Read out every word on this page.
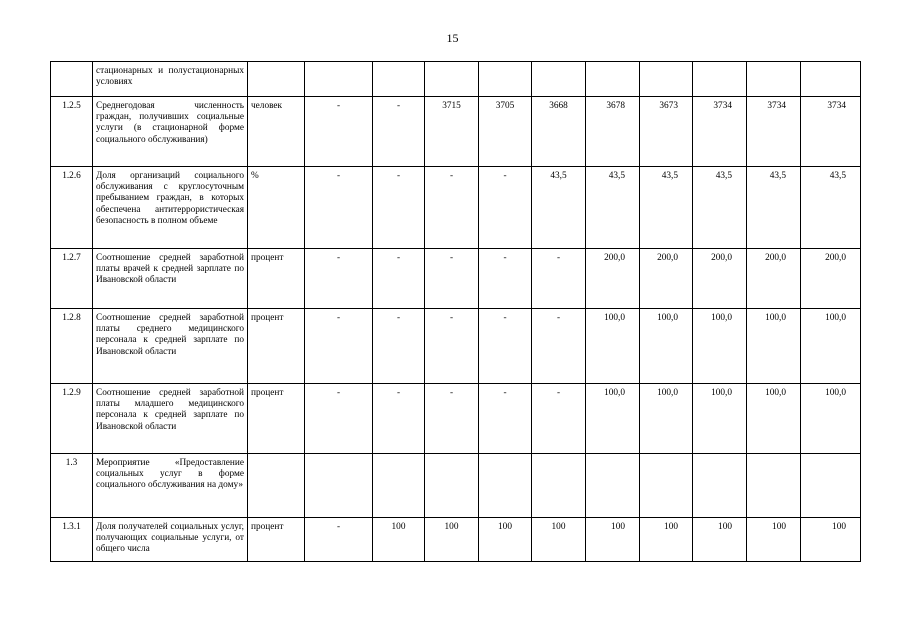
15
	стационарных и полустационарных условиях											
1.2.5	Среднегодовая численность граждан, получивших социальные услуги (в стационарной форме социального обслуживания)	человек	-	-	3715	3705	3668	3678	3673	3734	3734	3734
1.2.6	Доля организаций социального обслуживания с круглосуточным пребыванием граждан, в которых обеспечена антитеррористическая безопасность в полном объеме	%	-	-	-	-	43,5	43,5	43,5	43,5	43,5	43,5
1.2.7	Соотношение средней заработной платы врачей к средней зарплате по Ивановской области	процент	-	-	-	-	-	200,0	200,0	200,0	200,0	200,0
1.2.8	Соотношение средней заработной платы среднего медицинского персонала к средней зарплате по Ивановской области	процент	-	-	-	-	-	100,0	100,0	100,0	100,0	100,0
1.2.9	Соотношение средней заработной платы младшего медицинского персонала к средней зарплате по Ивановской области	процент	-	-	-	-	-	100,0	100,0	100,0	100,0	100,0
1.3	Мероприятие «Предоставление социальных услуг в форме социального обслуживания на дому»											
1.3.1	Доля получателей социальных услуг, получающих социальные услуги, от общего числа	процент	-	100	100	100	100	100	100	100	100	100
